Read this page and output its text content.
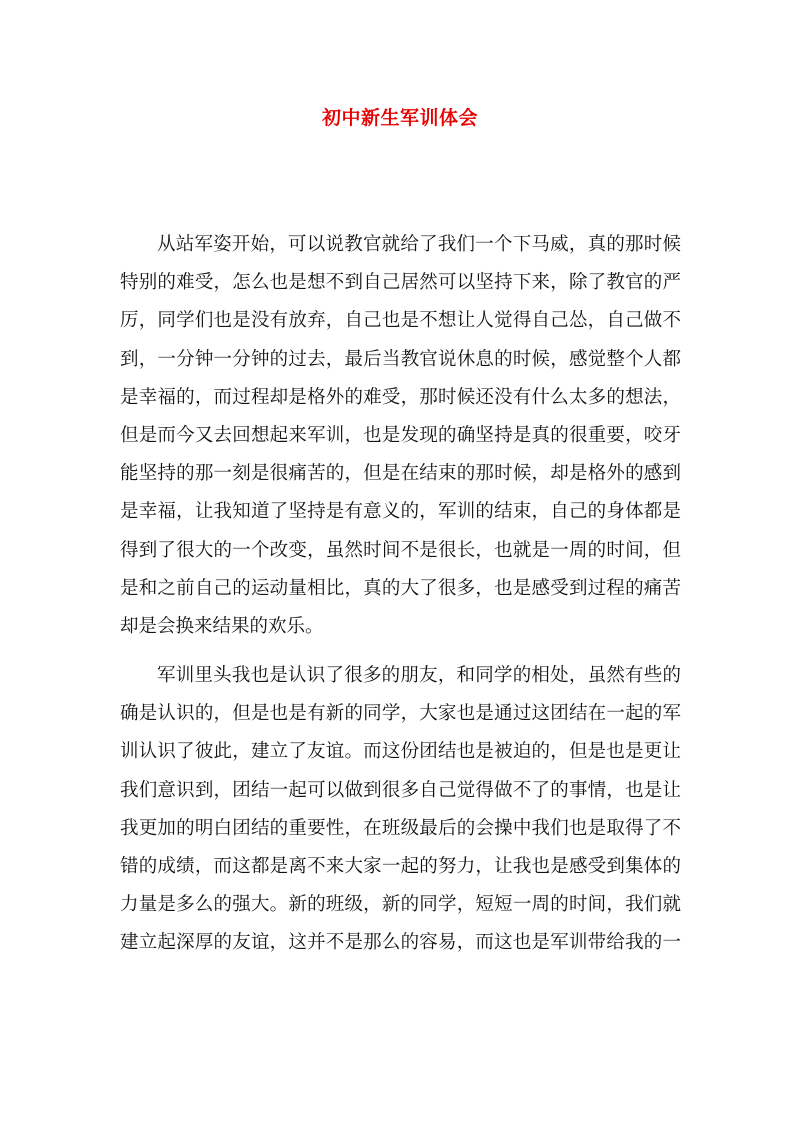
初中新生军训体会
从站军姿开始，可以说教官就给了我们一个下马威，真的那时候
特别的难受，怎么也是想不到自己居然可以坚持下来，除了教官的严
厉，同学们也是没有放弃，自己也是不想让人觉得自己怂，自己做不
到，一分钟一分钟的过去，最后当教官说休息的时候，感觉整个人都
是幸福的，而过程却是格外的难受，那时候还没有什么太多的想法，
但是而今又去回想起来军训，也是发现的确坚持是真的很重要，咬牙
能坚持的那一刻是很痛苦的，但是在结束的那时候，却是格外的感到
是幸福，让我知道了坚持是有意义的，军训的结束，自己的身体都是
得到了很大的一个改变，虽然时间不是很长，也就是一周的时间，但
是和之前自己的运动量相比，真的大了很多，也是感受到过程的痛苦
却是会换来结果的欢乐。
军训里头我也是认识了很多的朋友，和同学的相处，虽然有些的
确是认识的，但是也是有新的同学，大家也是通过这团结在一起的军
训认识了彼此，建立了友谊。而这份团结也是被迫的，但是也是更让
我们意识到，团结一起可以做到很多自己觉得做不了的事情，也是让
我更加的明白团结的重要性，在班级最后的会操中我们也是取得了不
错的成绩，而这都是离不来大家一起的努力，让我也是感受到集体的
力量是多么的强大。新的班级，新的同学，短短一周的时间，我们就
建立起深厚的友谊，这并不是那么的容易，而这也是军训带给我的一
